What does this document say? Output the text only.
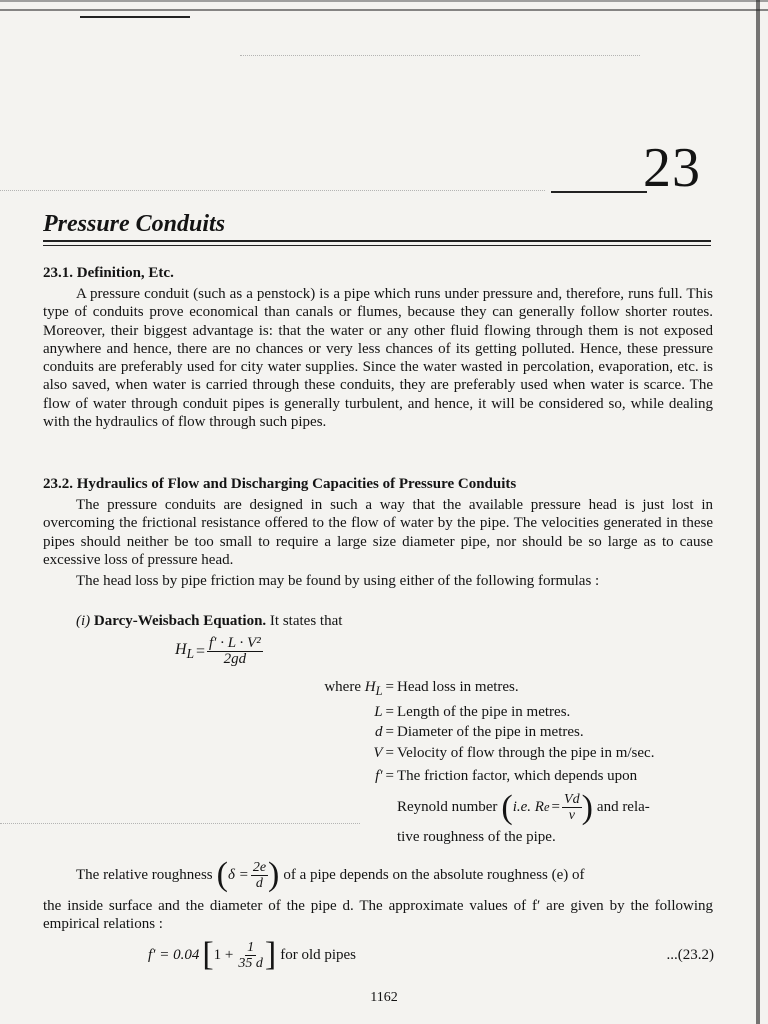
23
Pressure Conduits
23.1. Definition, Etc.

A pressure conduit (such as a penstock) is a pipe which runs under pressure and, therefore, runs full. This type of conduits prove economical than canals or flumes, because they can generally follow shorter routes. Moreover, their biggest advantage is: that the water or any other fluid flowing through them is not exposed anywhere and hence, there are no chances or very less chances of its getting polluted. Hence, these pressure conduits are preferably used for city water supplies. Since the water wasted in percolation, evaporation, etc. is also saved, when water is carried through these conduits, they are preferably used when water is scarce. The flow of water through conduit pipes is generally turbulent, and hence, it will be considered so, while dealing with the hydraulics of flow through such pipes.

23.2. Hydraulics of Flow and Discharging Capacities of Pressure Conduits

The pressure conduits are designed in such a way that the available pressure head is just lost in overcoming the frictional resistance offered to the flow of water by the pipe. The velocities generated in these pipes should neither be too small to require a large size diameter pipe, nor should be so large as to cause excessive loss of pressure head.

The head loss by pipe friction may be found by using either of the following formulas :

(i) Darcy-Weisbach Equation. It states that
$H_L = \frac{\text{f′ · L · V²}}{2gd}$
where $H_L$ = Head loss in metres.
L = Length of the pipe in metres.
d = Diameter of the pipe in metres.
V = Velocity of flow through the pipe in m/sec.
f′ = The friction factor, which depends upon
Reynold number ( i.e. R $e = \frac{Vd}{v}$ ) and rela-
tive roughness of the pipe.
The relative roughness ( $\delta = \frac{2e}{d}$ ) of a pipe depends on the absolute roughness (e) of

the inside surface and the diameter of the pipe d. The approximate values of f′ are given by the following empirical relations :

f′ = 0.04 [ $1 + \frac{1}{35 d}$ ] for old pipes	...(23.2)
1162
